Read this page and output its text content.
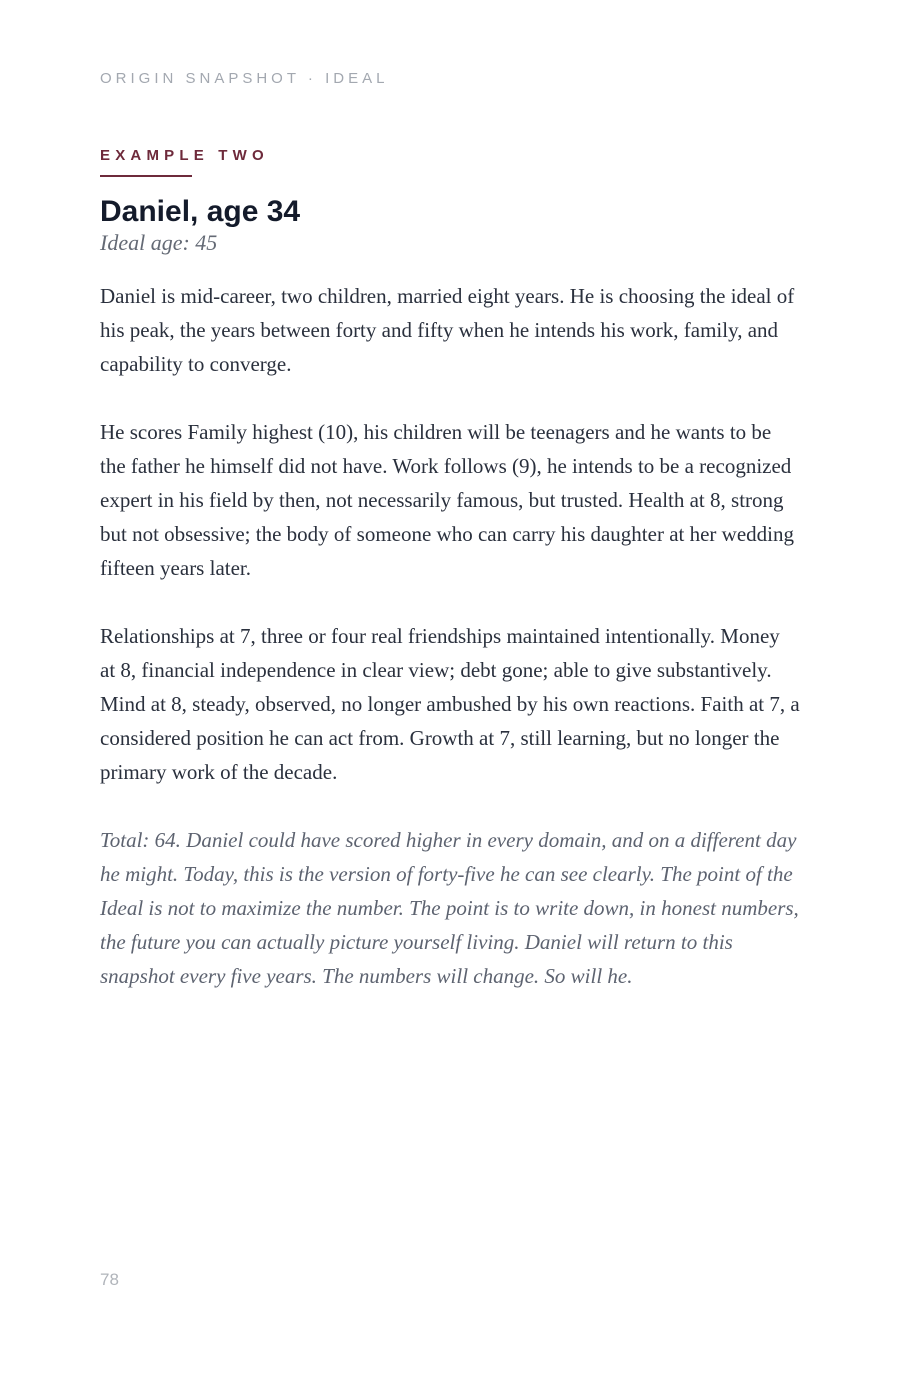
ORIGIN SNAPSHOT · IDEAL
EXAMPLE TWO
Daniel, age 34
Ideal age: 45

Daniel is mid-career, two children, married eight years. He is choosing the ideal of his peak, the years between forty and fifty when he intends his work, family, and capability to converge.

He scores Family highest (10), his children will be teenagers and he wants to be the father he himself did not have. Work follows (9), he intends to be a recognized expert in his field by then, not necessarily famous, but trusted. Health at 8, strong but not obsessive; the body of someone who can carry his daughter at her wedding fifteen years later.

Relationships at 7, three or four real friendships maintained intentionally. Money at 8, financial independence in clear view; debt gone; able to give substantively. Mind at 8, steady, observed, no longer ambushed by his own reactions. Faith at 7, a considered position he can act from. Growth at 7, still learning, but no longer the primary work of the decade.

Total: 64. Daniel could have scored higher in every domain, and on a different day he might. Today, this is the version of forty-five he can see clearly. The point of the Ideal is not to maximize the number. The point is to write down, in honest numbers, the future you can actually picture yourself living. Daniel will return to this snapshot every five years. The numbers will change. So will he.

78
